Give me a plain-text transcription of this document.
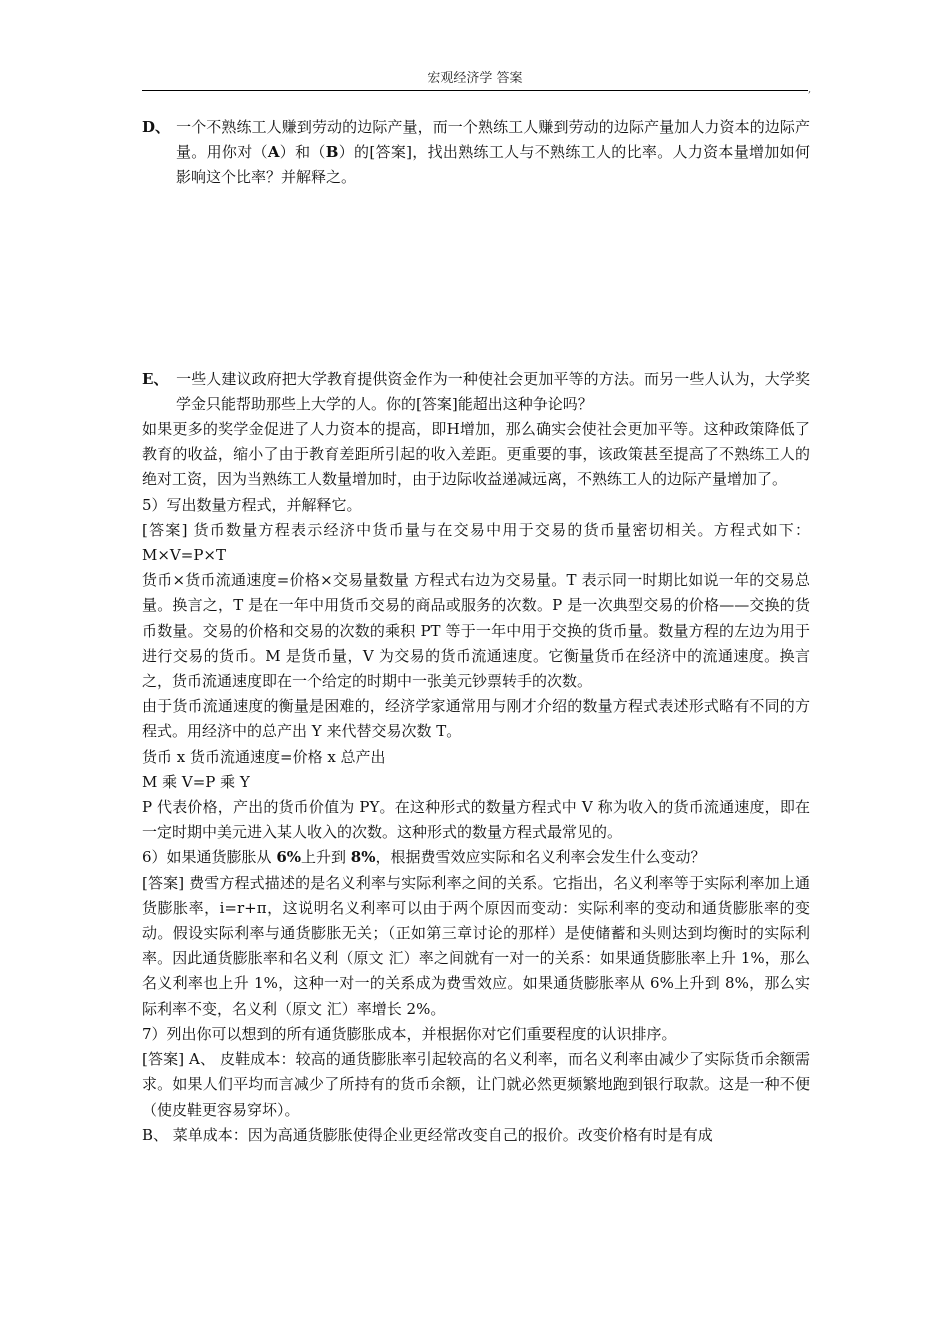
宏观经济学 答案
,

D、 一个不熟练工人赚到劳动的边际产量，而一个熟练工人赚到劳动的边际产量加人力资本的边际产量。用你对（A）和（B）的[答案]，找出熟练工人与不熟练工人的比率。人力资本量增加如何影响这个比率？并解释之。

E、 一些人建议政府把大学教育提供资金作为一种使社会更加平等的方法。而另一些人认为，大学奖学金只能帮助那些上大学的人。你的[答案]能超出这种争论吗？

如果更多的奖学金促进了人力资本的提高，即H增加，那么确实会使社会更加平等。这种政策降低了教育的收益，缩小了由于教育差距所引起的收入差距。更重要的事，该政策甚至提高了不熟练工人的绝对工资，因为当熟练工人数量增加时，由于边际收益递减远离，不熟练工人的边际产量增加了。

5）写出数量方程式，并解释它。

[答案] 货币数量方程表示经济中货币量与在交易中用于交易的货币量密切相关。方程式如下：M×V=P×T

货币×货币流通速度=价格×交易量数量 方程式右边为交易量。T 表示同一时期比如说一年的交易总量。换言之，T 是在一年中用货币交易的商品或服务的次数。P 是一次典型交易的价格——交换的货币数量。交易的价格和交易的次数的乘积 PT 等于一年中用于交换的货币量。数量方程的左边为用于进行交易的货币。M 是货币量，V 为交易的货币流通速度。它衡量货币在经济中的流通速度。换言之，货币流通速度即在一个给定的时期中一张美元钞票转手的次数。

由于货币流通速度的衡量是困难的，经济学家通常用与刚才介绍的数量方程式表述形式略有不同的方程式。用经济中的总产出 Y 来代替交易次数 T。

货币 x 货币流通速度=价格 x 总产出

M 乘 V=P 乘 Y

P 代表价格，产出的货币价值为 PY。在这种形式的数量方程式中 V 称为收入的货币流通速度，即在一定时期中美元进入某人收入的次数。这种形式的数量方程式最常见的。

6）如果通货膨胀从 6%上升到 8%，根据费雪效应实际和名义利率会发生什么变动？

[答案] 费雪方程式描述的是名义利率与实际利率之间的关系。它指出，名义利率等于实际利率加上通货膨胀率，i=r+π，这说明名义利率可以由于两个原因而变动：实际利率的变动和通货膨胀率的变动。假设实际利率与通货膨胀无关；（正如第三章讨论的那样）是使储蓄和头则达到均衡时的实际利率。因此通货膨胀率和名义利（原文 汇）率之间就有一对一的关系：如果通货膨胀率上升 1%，那么名义利率也上升 1%，这种一对一的关系成为费雪效应。如果通货膨胀率从 6%上升到 8%，那么实际利率不变，名义利（原文 汇）率增长 2%。

7）列出你可以想到的所有通货膨胀成本，并根据你对它们重要程度的认识排序。

[答案] A、 皮鞋成本：较高的通货膨胀率引起较高的名义利率，而名义利率由减少了实际货币余额需求。如果人们平均而言减少了所持有的货币余额，让门就必然更频繁地跑到银行取款。这是一种不便（使皮鞋更容易穿坏）。

B、 菜单成本：因为高通货膨胀使得企业更经常改变自己的报价。改变价格有时是有成
